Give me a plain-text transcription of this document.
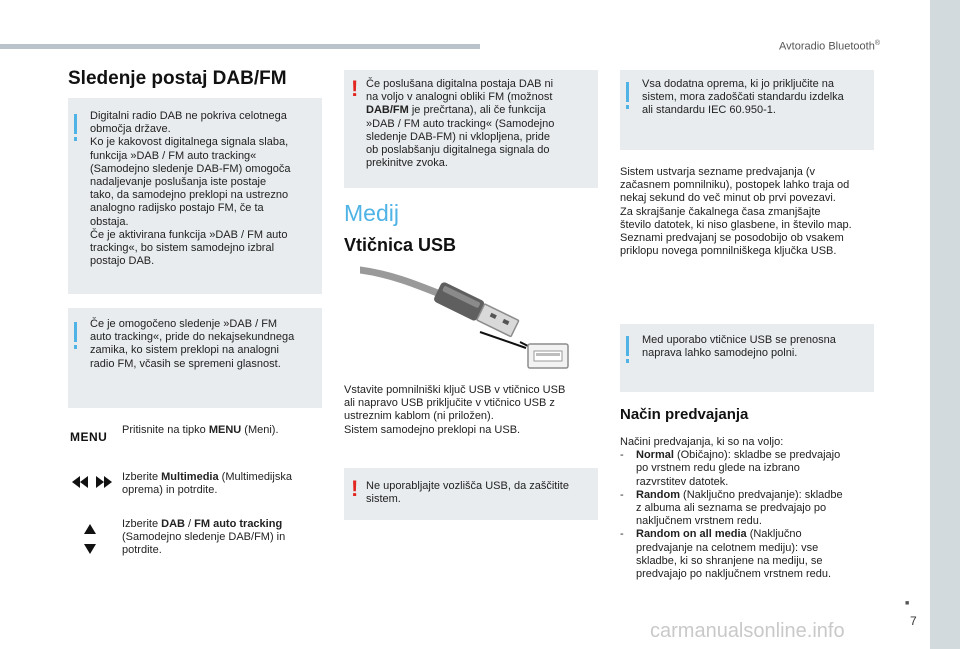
Avtoradio Bluetooth®
Sledenje postaj DAB/FM
Digitalni radio DAB ne pokriva celotnega
območja države.
Ko je kakovost digitalnega signala slaba,
funkcija »DAB / FM auto tracking«
(Samodejno sledenje DAB-FM) omogoča
nadaljevanje poslušanja iste postaje
tako, da samodejno preklopi na ustrezno
analogno radijsko postajo FM, če ta
obstaja.
Če je aktivirana funkcija »DAB / FM auto
tracking«, bo sistem samodejno izbral
postajo DAB.
Če je omogočeno sledenje »DAB / FM
auto tracking«, pride do nekajsekundnega
zamika, ko sistem preklopi na analogni
radio FM, včasih se spremeni glasnost.
MENU Pritisnite na tipko MENU (Meni).
Izberite Multimedia (Multimedijska
oprema) in potrdite.
Izberite DAB / FM auto tracking
(Samodejno sledenje DAB/FM) in
potrdite.
! Če poslušana digitalna postaja DAB ni
na voljo v analogni obliki FM (možnost
DAB/FM je prečrtana), ali če funkcija
»DAB / FM auto tracking« (Samodejno
sledenje DAB-FM) ni vklopljena, pride
ob poslabšanju digitalnega signala do
prekinitve zvoka.
Medij
Vtičnica USB
Vstavite pomnilniški ključ USB v vtičnico USB
ali napravo USB priključite v vtičnico USB z
ustreznim kablom (ni priložen).
Sistem samodejno preklopi na USB.
! Ne uporabljajte vozlišča USB, da zaščitite
sistem.
Vsa dodatna oprema, ki jo priključite na
sistem, mora zadoščati standardu izdelka
ali standardu IEC 60.950-1.
Sistem ustvarja sezname predvajanja (v
začasnem pomnilniku), postopek lahko traja od
nekaj sekund do več minut ob prvi povezavi.
Za skrajšanje čakalnega časa zmanjšajte
število datotek, ki niso glasbene, in število map.
Seznami predvajanj se posodobijo ob vsakem
priklopu novega pomnilniškega ključka USB.
Med uporabo vtičnice USB se prenosna
naprava lahko samodejno polni.
Način predvajanja
Načini predvajanja, ki so na voljo:
- Normal (Običajno): skladbe se predvajajo
po vrstnem redu glede na izbrano
razvrstitev datotek.
- Random (Naključno predvajanje): skladbe
z albuma ali seznama se predvajajo po
naključnem vrstnem redu.
- Random on all media (Naključno
predvajanje na celotnem mediju): vse
skladbe, ki so shranjene na mediju, se
predvajajo po naključnem vrstnem redu.
■
7
carmanualsonline.info
